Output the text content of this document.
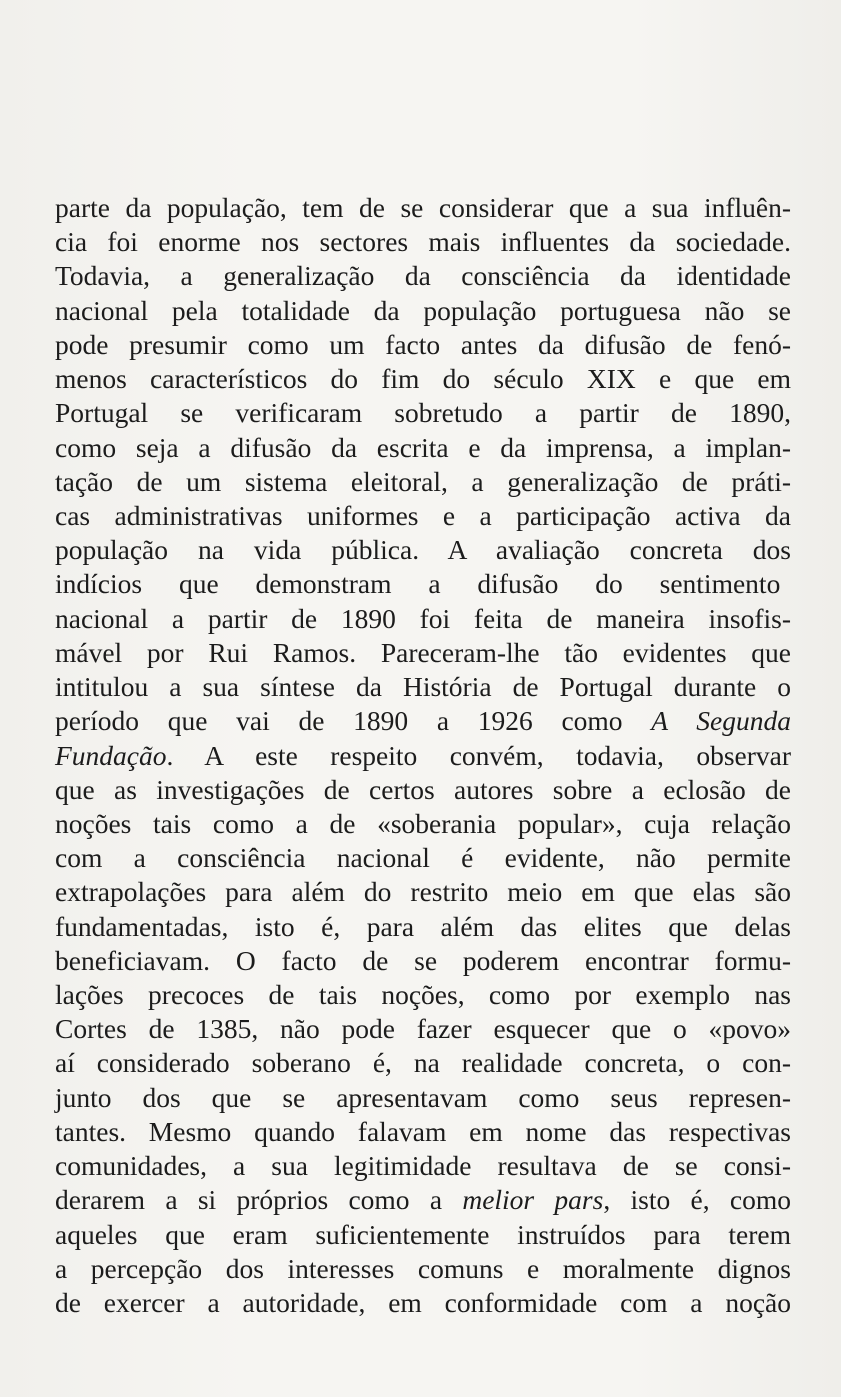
parte da população, tem de se considerar que a sua influên-
cia foi enorme nos sectores mais influentes da sociedade.
Todavia, a generalização da consciência da identidade
nacional pela totalidade da população portuguesa não se
pode presumir como um facto antes da difusão de fenó-
menos característicos do fim do século XIX e que em
Portugal se verificaram sobretudo a partir de 1890,
como seja a difusão da escrita e da imprensa, a implan-
tação de um sistema eleitoral, a generalização de práti-
cas administrativas uniformes e a participação activa da
população na vida pública. A avaliação concreta dos
indícios que demonstram a difusão do sentimento
nacional a partir de 1890 foi feita de maneira insofis-
mável por Rui Ramos. Pareceram-lhe tão evidentes que
intitulou a sua síntese da História de Portugal durante o
período que vai de 1890 a 1926 como A Segunda
Fundação. A este respeito convém, todavia, observar
que as investigações de certos autores sobre a eclosão de
noções tais como a de «soberania popular», cuja relação
com a consciência nacional é evidente, não permite
extrapolações para além do restrito meio em que elas são
fundamentadas, isto é, para além das elites que delas
beneficiavam. O facto de se poderem encontrar formu-
lações precoces de tais noções, como por exemplo nas
Cortes de 1385, não pode fazer esquecer que o «povo»
aí considerado soberano é, na realidade concreta, o con-
junto dos que se apresentavam como seus represen-
tantes. Mesmo quando falavam em nome das respectivas
comunidades, a sua legitimidade resultava de se consi-
derarem a si próprios como a melior pars, isto é, como
aqueles que eram suficientemente instruídos para terem
a percepção dos interesses comuns e moralmente dignos
de exercer a autoridade, em conformidade com a noção
